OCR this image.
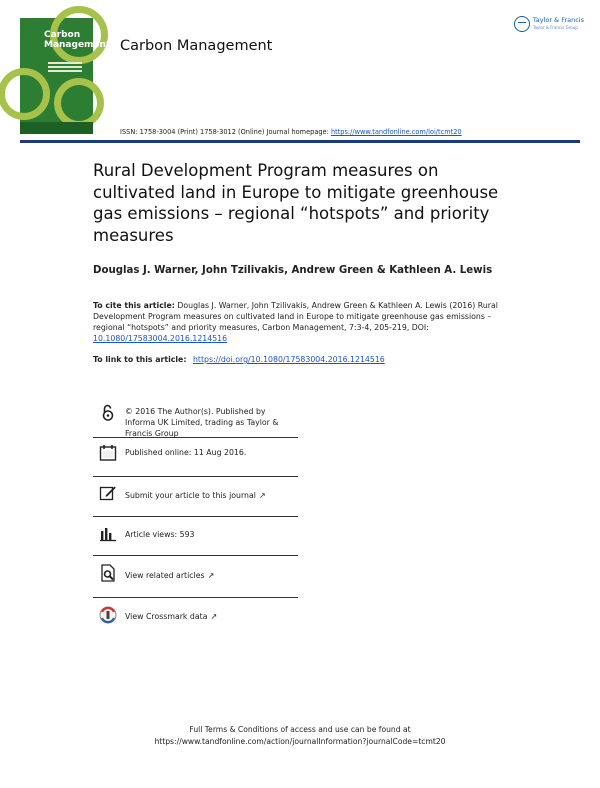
Carbon
Management Carbon Management
Taylor & Francis
Taylor & Francis Group
ISSN: 1758-3004 (Print) 1758-3012 (Online) Journal homepage: https://www.tandfonline.com/loi/tcmt20
Rural Development Program measures on cultivated land in Europe to mitigate greenhouse gas emissions – regional “hotspots” and priority measures
Douglas J. Warner, John Tzilivakis, Andrew Green & Kathleen A. Lewis
To cite this article: Douglas J. Warner, John Tzilivakis, Andrew Green & Kathleen A. Lewis (2016) Rural Development Program measures on cultivated land in Europe to mitigate greenhouse gas emissions – regional “hotspots” and priority measures, Carbon Management, 7:3-4, 205-219, DOI: 10.1080/17583004.2016.1214516
To link to this article: https://doi.org/10.1080/17583004.2016.1214516
© 2016 The Author(s). Published by Informa UK Limited, trading as Taylor & Francis Group
Published online: 11 Aug 2016.
Submit your article to this journal ↗
Article views: 593
View related articles ↗
View Crossmark data ↗
Full Terms & Conditions of access and use can be found at
https://www.tandfonline.com/action/journalInformation?journalCode=tcmt20
